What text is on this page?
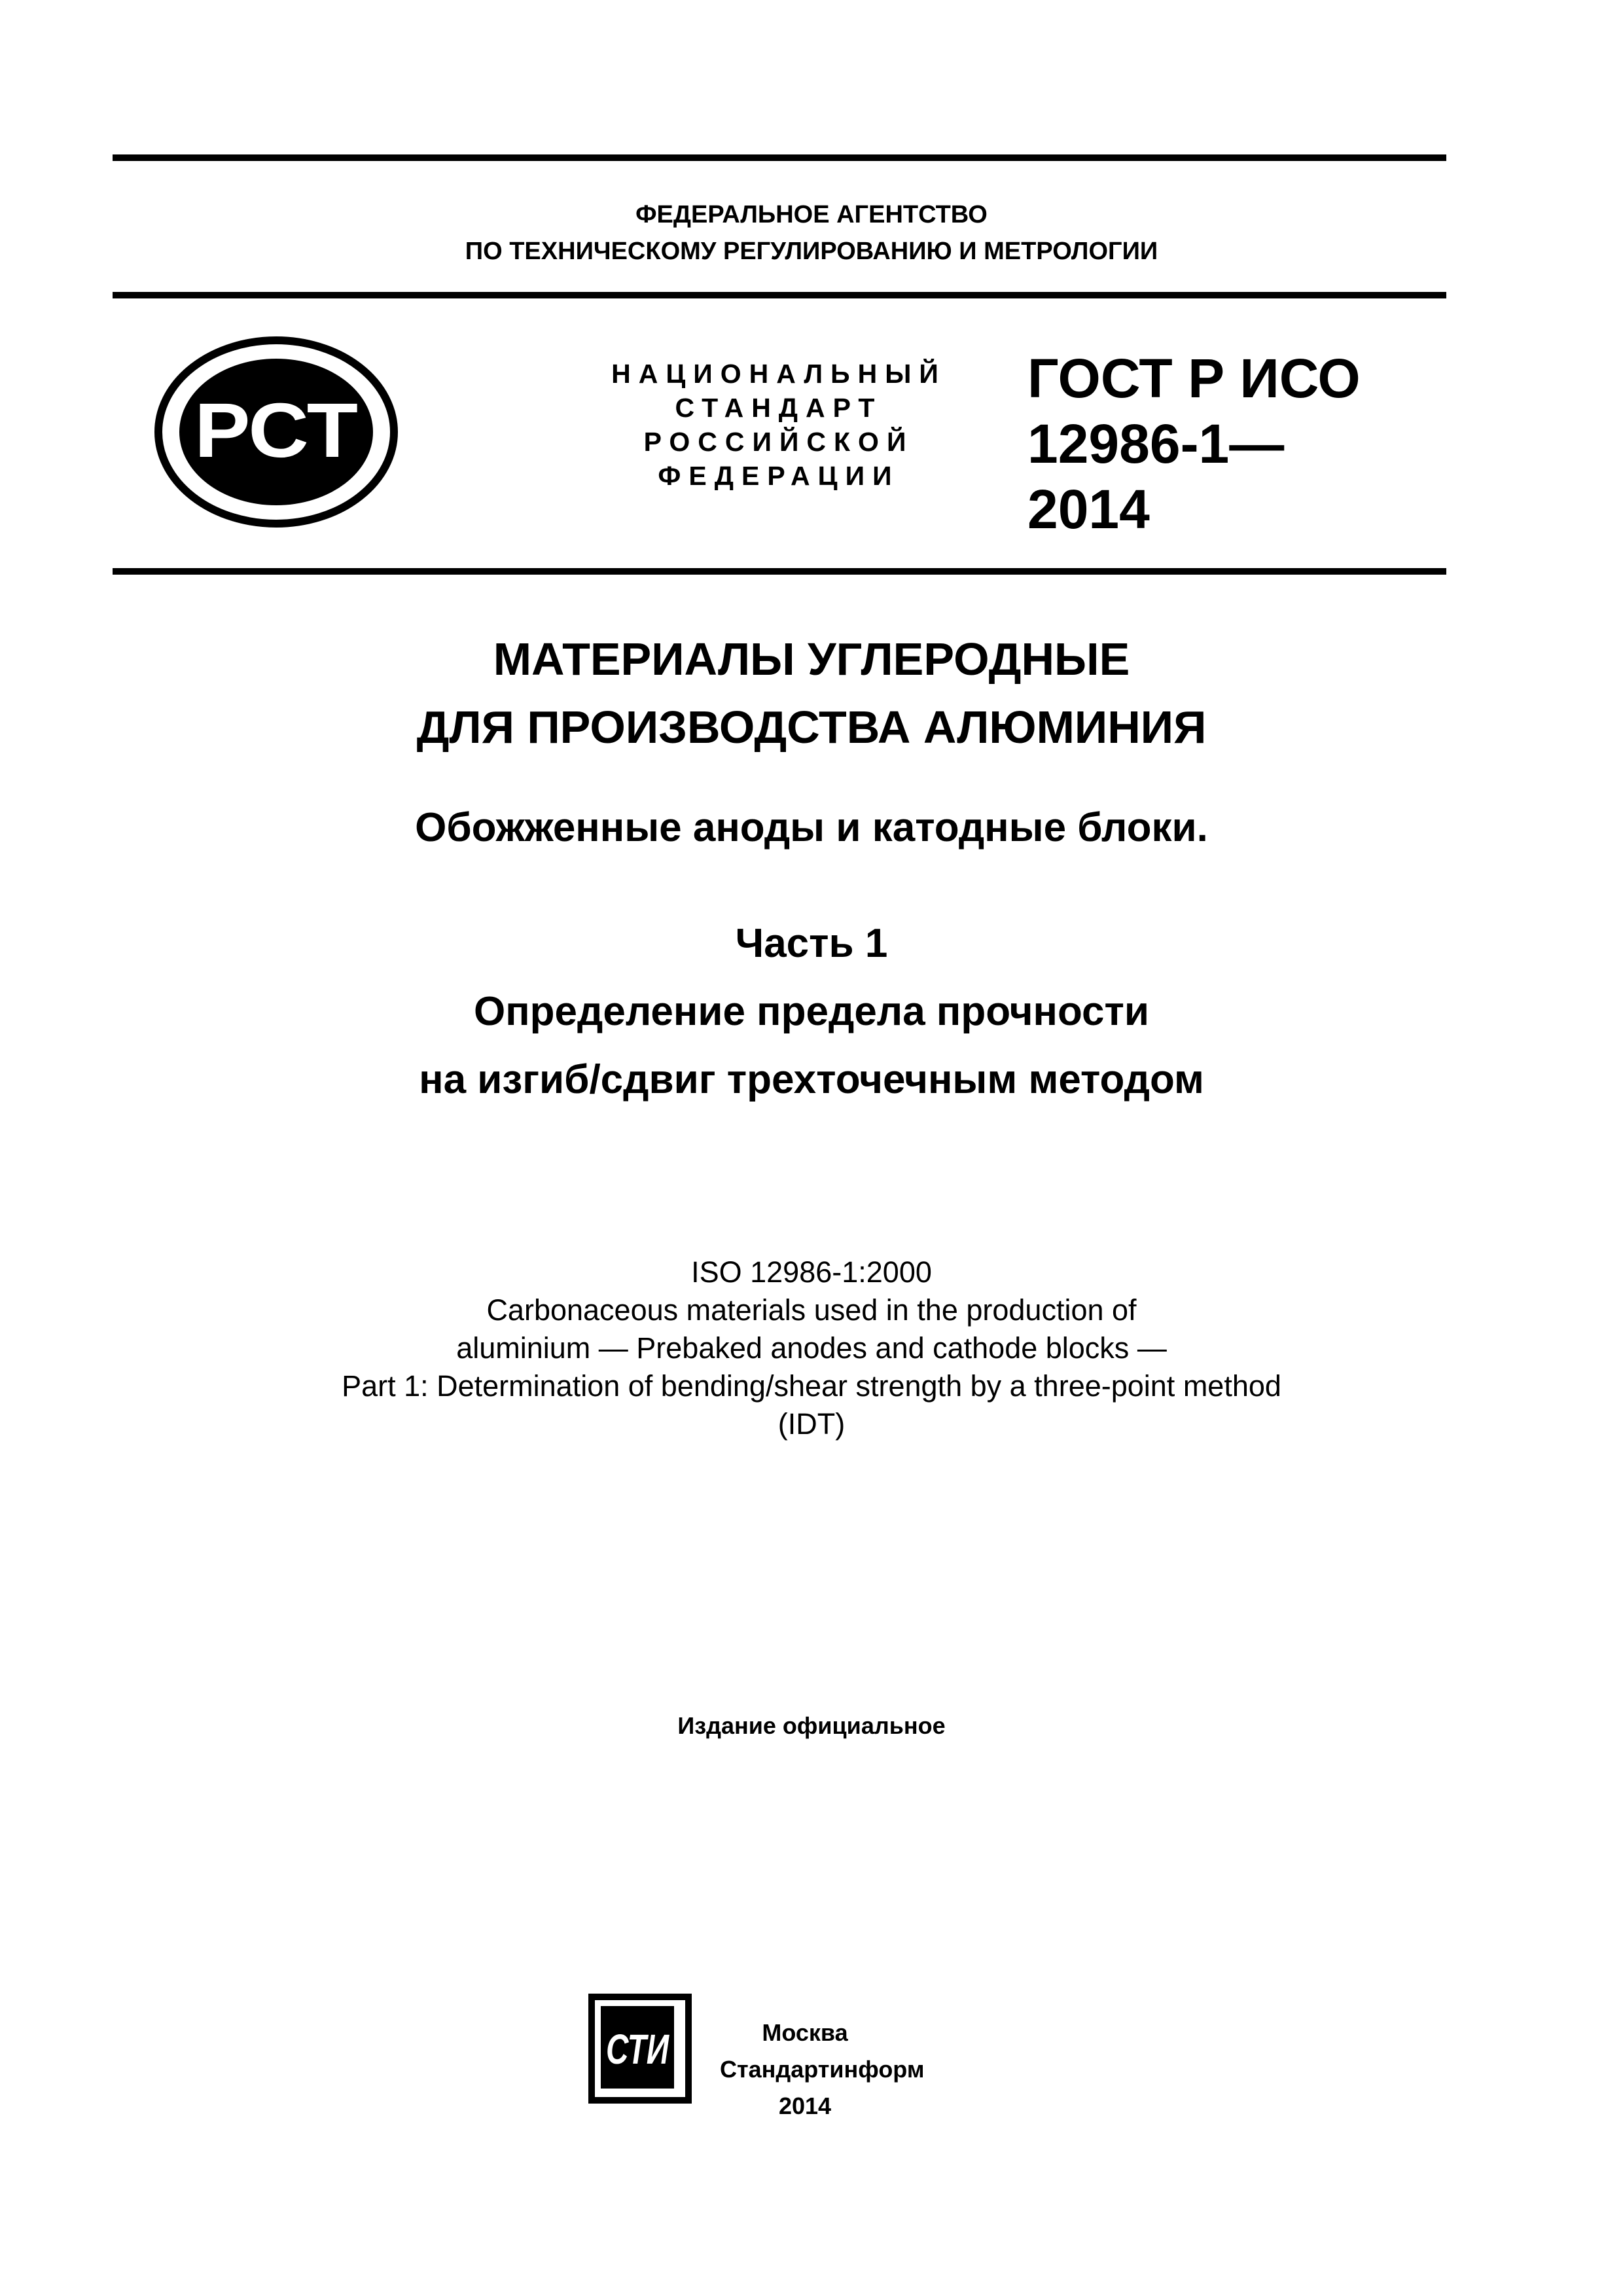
ФЕДЕРАЛЬНОЕ АГЕНТСТВО
ПО ТЕХНИЧЕСКОМУ РЕГУЛИРОВАНИЮ И МЕТРОЛОГИИ
РСТ
НАЦИОНАЛЬНЫЙ
СТАНДАРТ
РОССИЙСКОЙ
ФЕДЕРАЦИИ
ГОСТ Р ИСО
12986-1—
2014
МАТЕРИАЛЫ УГЛЕРОДНЫЕ
ДЛЯ ПРОИЗВОДСТВА АЛЮМИНИЯ
Обожженные аноды и катодные блоки.
Часть 1
Определение предела прочности
на изгиб/сдвиг трехточечным методом
ISO 12986-1:2000
Carbonaceous materials used in the production of
aluminium — Prebaked anodes and cathode blocks —
Part 1: Determination of bending/shear strength by a three-point method
(IDT)
Издание официальное
СТИ	Москва
Стандартинформ
2014
